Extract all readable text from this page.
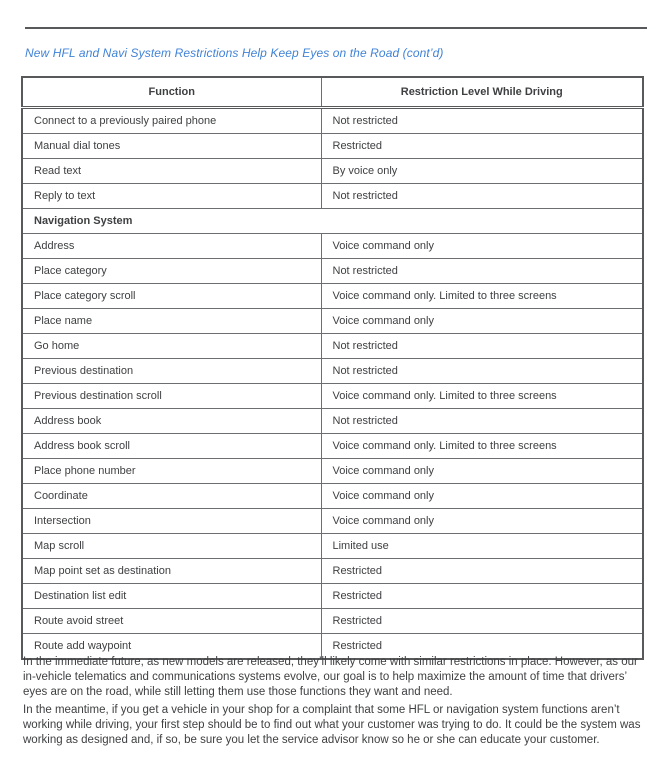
New HFL and Navi System Restrictions Help Keep Eyes on the Road (cont’d)
Function	Restriction Level While Driving
Connect to a previously paired phone	Not restricted
Manual dial tones	Restricted
Read text	By voice only
Reply to text	Not restricted
Navigation System	
Address	Voice command only
Place category	Not restricted
Place category scroll	Voice command only. Limited to three screens
Place name	Voice command only
Go home	Not restricted
Previous destination	Not restricted
Previous destination scroll	Voice command only. Limited to three screens
Address book	Not restricted
Address book scroll	Voice command only. Limited to three screens
Place phone number	Voice command only
Coordinate	Voice command only
Intersection	Voice command only
Map scroll	Limited use
Map point set as destination	Restricted
Destination list edit	Restricted
Route avoid street	Restricted
Route add waypoint	Restricted

In the immediate future, as new models are released, they’ll likely come with similar restrictions in place. However, as our in-vehicle telematics and communications systems evolve, our goal is to help maximize the amount of time that drivers’ eyes are on the road, while still letting them use those functions they want and need.

In the meantime, if you get a vehicle in your shop for a complaint that some HFL or navigation system functions aren’t working while driving, your first step should be to find out what your customer was trying to do. It could be the system was working as designed and, if so, be sure you let the service advisor know so he or she can educate your customer.
